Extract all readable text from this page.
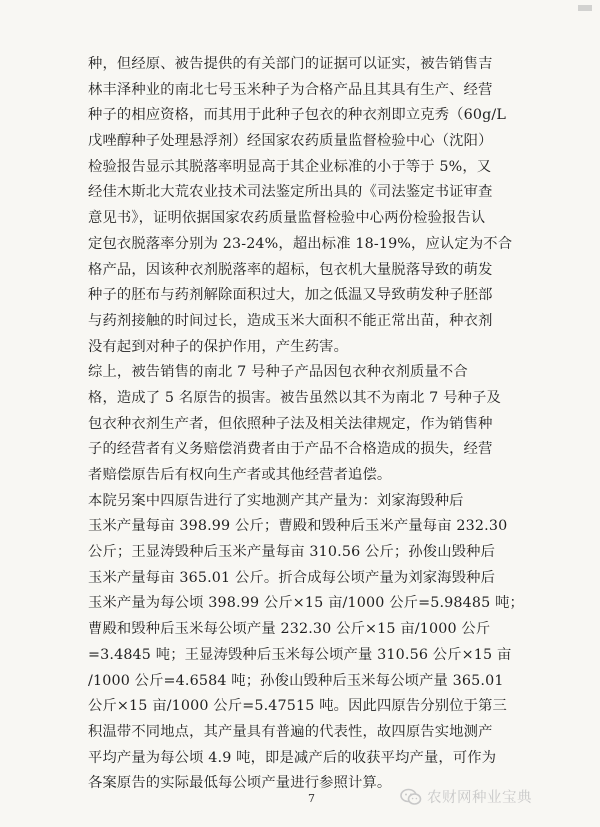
种，但经原、被告提供的有关部门的证据可以证实，被告销售吉
林丰泽种业的南北七号玉米种子为合格产品且其具有生产、经营
种子的相应资格，而其用于此种子包衣的种衣剂即立克秀（60g/L
戊唑醇种子处理悬浮剂）经国家农药质量监督检验中心（沈阳）
检验报告显示其脱落率明显高于其企业标准的小于等于 5%，又
经佳木斯北大荒农业技术司法鉴定所出具的《司法鉴定书证审查
意见书》，证明依据国家农药质量监督检验中心两份检验报告认
定包衣脱落率分别为 23-24%，超出标准 18-19%，应认定为不合
格产品，因该种衣剂脱落率的超标，包衣机大量脱落导致的萌发
种子的胚布与药剂解除面积过大，加之低温又导致萌发种子胚部
与药剂接触的时间过长，造成玉米大面积不能正常出苗，种衣剂
没有起到对种子的保护作用，产生药害。
综上，被告销售的南北 7 号种子产品因包衣种衣剂质量不合
格，造成了 5 名原告的损害。被告虽然以其不为南北 7 号种子及
包衣种衣剂生产者，但依照种子法及相关法律规定，作为销售种
子的经营者有义务赔偿消费者由于产品不合格造成的损失，经营
者赔偿原告后有权向生产者或其他经营者追偿。
本院另案中四原告进行了实地测产其产量为：刘家海毁种后
玉米产量每亩 398.99 公斤；曹殿和毁种后玉米产量每亩 232.30
公斤；王显涛毁种后玉米产量每亩 310.56 公斤；孙俊山毁种后
玉米产量每亩 365.01 公斤。折合成每公顷产量为刘家海毁种后
玉米产量为每公顷 398.99 公斤×15 亩/1000 公斤=5.98485 吨；
曹殿和毁种后玉米每公顷产量 232.30 公斤×15 亩/1000 公斤
=3.4845 吨；王显涛毁种后玉米每公顷产量 310.56 公斤×15 亩
/1000 公斤=4.6584 吨；孙俊山毁种后玉米每公顷产量 365.01
公斤×15 亩/1000 公斤=5.47515 吨。因此四原告分别位于第三
积温带不同地点，其产量具有普遍的代表性，故四原告实地测产
平均产量为每公顷 4.9 吨，即是减产后的收获平均产量，可作为
各案原告的实际最低每公顷产量进行参照计算。
7	农财网种业宝典
